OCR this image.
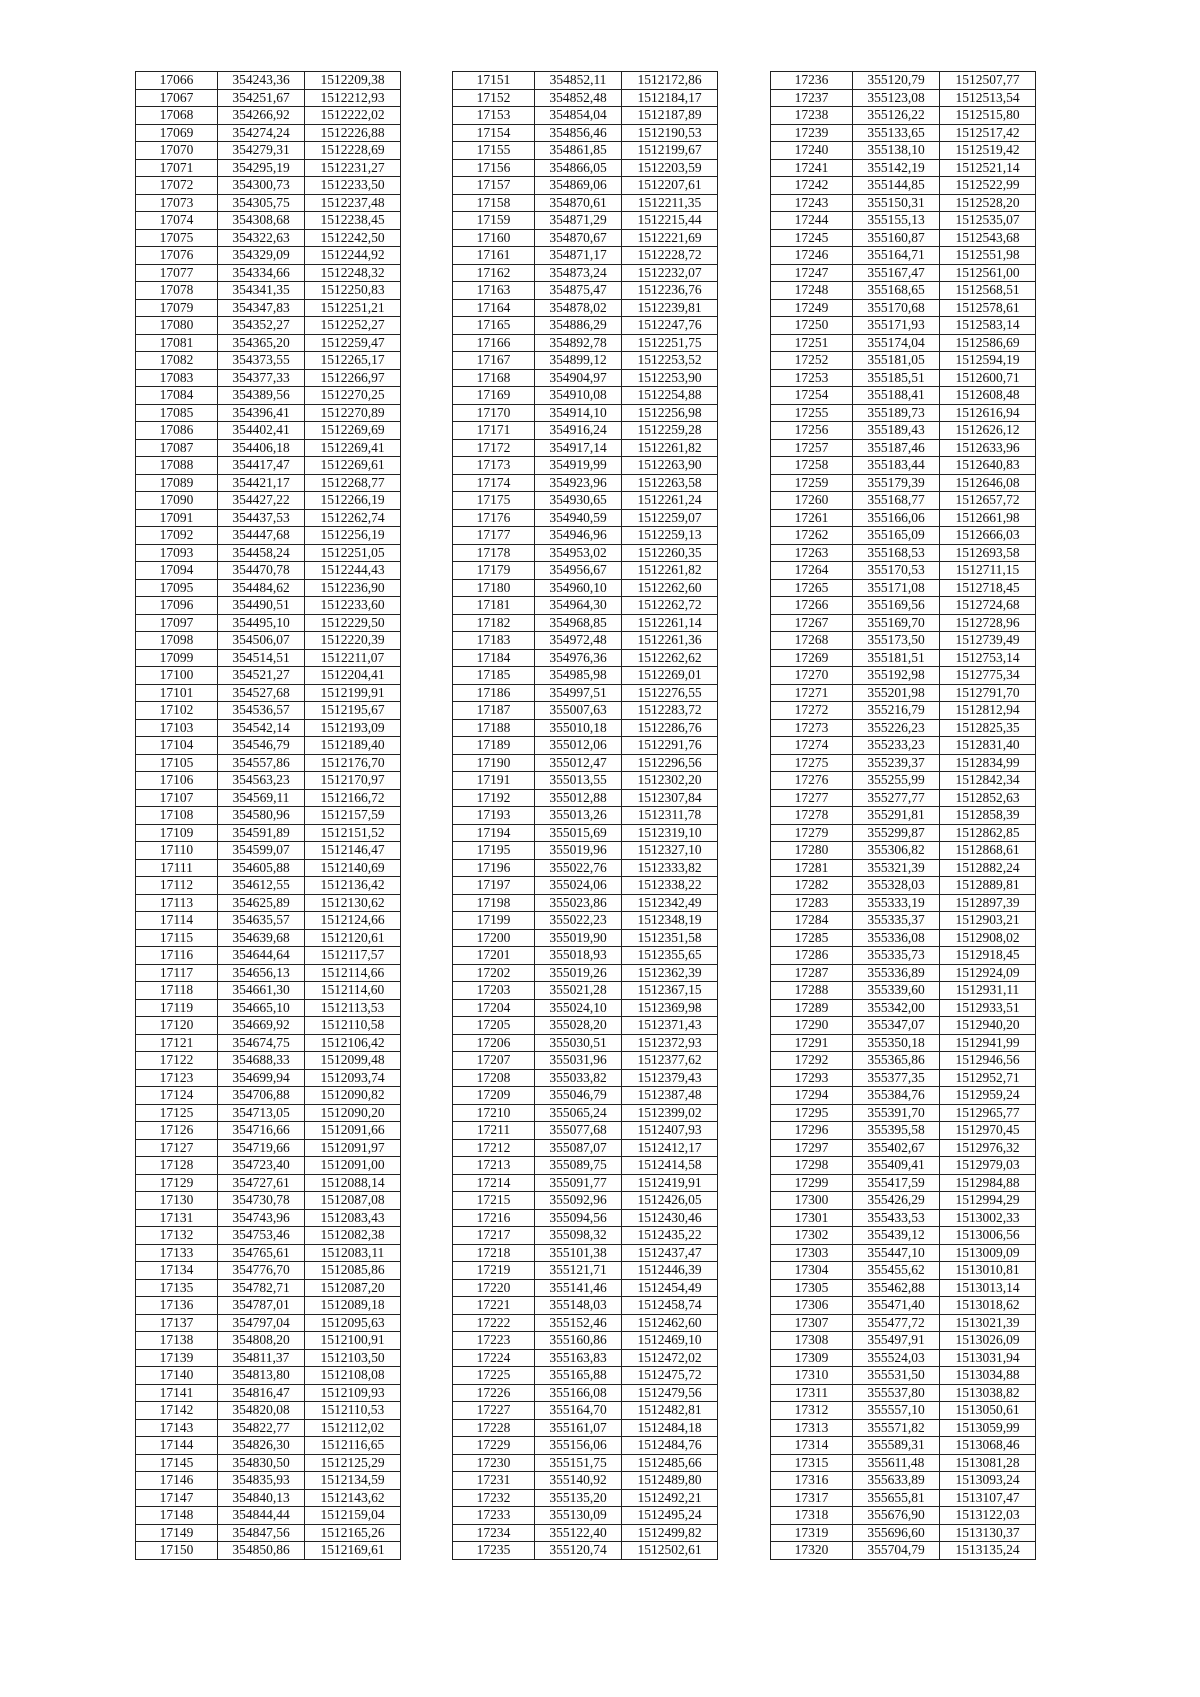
17066	354243,36	1512209,38
17067	354251,67	1512212,93
17068	354266,92	1512222,02
17069	354274,24	1512226,88
17070	354279,31	1512228,69
17071	354295,19	1512231,27
17072	354300,73	1512233,50
17073	354305,75	1512237,48
17074	354308,68	1512238,45
17075	354322,63	1512242,50
17076	354329,09	1512244,92
17077	354334,66	1512248,32
17078	354341,35	1512250,83
17079	354347,83	1512251,21
17080	354352,27	1512252,27
17081	354365,20	1512259,47
17082	354373,55	1512265,17
17083	354377,33	1512266,97
17084	354389,56	1512270,25
17085	354396,41	1512270,89
17086	354402,41	1512269,69
17087	354406,18	1512269,41
17088	354417,47	1512269,61
17089	354421,17	1512268,77
17090	354427,22	1512266,19
17091	354437,53	1512262,74
17092	354447,68	1512256,19
17093	354458,24	1512251,05
17094	354470,78	1512244,43
17095	354484,62	1512236,90
17096	354490,51	1512233,60
17097	354495,10	1512229,50
17098	354506,07	1512220,39
17099	354514,51	1512211,07
17100	354521,27	1512204,41
17101	354527,68	1512199,91
17102	354536,57	1512195,67
17103	354542,14	1512193,09
17104	354546,79	1512189,40
17105	354557,86	1512176,70
17106	354563,23	1512170,97
17107	354569,11	1512166,72
17108	354580,96	1512157,59
17109	354591,89	1512151,52
17110	354599,07	1512146,47
17111	354605,88	1512140,69
17112	354612,55	1512136,42
17113	354625,89	1512130,62
17114	354635,57	1512124,66
17115	354639,68	1512120,61
17116	354644,64	1512117,57
17117	354656,13	1512114,66
17118	354661,30	1512114,60
17119	354665,10	1512113,53
17120	354669,92	1512110,58
17121	354674,75	1512106,42
17122	354688,33	1512099,48
17123	354699,94	1512093,74
17124	354706,88	1512090,82
17125	354713,05	1512090,20
17126	354716,66	1512091,66
17127	354719,66	1512091,97
17128	354723,40	1512091,00
17129	354727,61	1512088,14
17130	354730,78	1512087,08
17131	354743,96	1512083,43
17132	354753,46	1512082,38
17133	354765,61	1512083,11
17134	354776,70	1512085,86
17135	354782,71	1512087,20
17136	354787,01	1512089,18
17137	354797,04	1512095,63
17138	354808,20	1512100,91
17139	354811,37	1512103,50
17140	354813,80	1512108,08
17141	354816,47	1512109,93
17142	354820,08	1512110,53
17143	354822,77	1512112,02
17144	354826,30	1512116,65
17145	354830,50	1512125,29
17146	354835,93	1512134,59
17147	354840,13	1512143,62
17148	354844,44	1512159,04
17149	354847,56	1512165,26
17150	354850,86	1512169,61
17151	354852,11	1512172,86
17152	354852,48	1512184,17
17153	354854,04	1512187,89
17154	354856,46	1512190,53
17155	354861,85	1512199,67
17156	354866,05	1512203,59
17157	354869,06	1512207,61
17158	354870,61	1512211,35
17159	354871,29	1512215,44
17160	354870,67	1512221,69
17161	354871,17	1512228,72
17162	354873,24	1512232,07
17163	354875,47	1512236,76
17164	354878,02	1512239,81
17165	354886,29	1512247,76
17166	354892,78	1512251,75
17167	354899,12	1512253,52
17168	354904,97	1512253,90
17169	354910,08	1512254,88
17170	354914,10	1512256,98
17171	354916,24	1512259,28
17172	354917,14	1512261,82
17173	354919,99	1512263,90
17174	354923,96	1512263,58
17175	354930,65	1512261,24
17176	354940,59	1512259,07
17177	354946,96	1512259,13
17178	354953,02	1512260,35
17179	354956,67	1512261,82
17180	354960,10	1512262,60
17181	354964,30	1512262,72
17182	354968,85	1512261,14
17183	354972,48	1512261,36
17184	354976,36	1512262,62
17185	354985,98	1512269,01
17186	354997,51	1512276,55
17187	355007,63	1512283,72
17188	355010,18	1512286,76
17189	355012,06	1512291,76
17190	355012,47	1512296,56
17191	355013,55	1512302,20
17192	355012,88	1512307,84
17193	355013,26	1512311,78
17194	355015,69	1512319,10
17195	355019,96	1512327,10
17196	355022,76	1512333,82
17197	355024,06	1512338,22
17198	355023,86	1512342,49
17199	355022,23	1512348,19
17200	355019,90	1512351,58
17201	355018,93	1512355,65
17202	355019,26	1512362,39
17203	355021,28	1512367,15
17204	355024,10	1512369,98
17205	355028,20	1512371,43
17206	355030,51	1512372,93
17207	355031,96	1512377,62
17208	355033,82	1512379,43
17209	355046,79	1512387,48
17210	355065,24	1512399,02
17211	355077,68	1512407,93
17212	355087,07	1512412,17
17213	355089,75	1512414,58
17214	355091,77	1512419,91
17215	355092,96	1512426,05
17216	355094,56	1512430,46
17217	355098,32	1512435,22
17218	355101,38	1512437,47
17219	355121,71	1512446,39
17220	355141,46	1512454,49
17221	355148,03	1512458,74
17222	355152,46	1512462,60
17223	355160,86	1512469,10
17224	355163,83	1512472,02
17225	355165,88	1512475,72
17226	355166,08	1512479,56
17227	355164,70	1512482,81
17228	355161,07	1512484,18
17229	355156,06	1512484,76
17230	355151,75	1512485,66
17231	355140,92	1512489,80
17232	355135,20	1512492,21
17233	355130,09	1512495,24
17234	355122,40	1512499,82
17235	355120,74	1512502,61
17236	355120,79	1512507,77
17237	355123,08	1512513,54
17238	355126,22	1512515,80
17239	355133,65	1512517,42
17240	355138,10	1512519,42
17241	355142,19	1512521,14
17242	355144,85	1512522,99
17243	355150,31	1512528,20
17244	355155,13	1512535,07
17245	355160,87	1512543,68
17246	355164,71	1512551,98
17247	355167,47	1512561,00
17248	355168,65	1512568,51
17249	355170,68	1512578,61
17250	355171,93	1512583,14
17251	355174,04	1512586,69
17252	355181,05	1512594,19
17253	355185,51	1512600,71
17254	355188,41	1512608,48
17255	355189,73	1512616,94
17256	355189,43	1512626,12
17257	355187,46	1512633,96
17258	355183,44	1512640,83
17259	355179,39	1512646,08
17260	355168,77	1512657,72
17261	355166,06	1512661,98
17262	355165,09	1512666,03
17263	355168,53	1512693,58
17264	355170,53	1512711,15
17265	355171,08	1512718,45
17266	355169,56	1512724,68
17267	355169,70	1512728,96
17268	355173,50	1512739,49
17269	355181,51	1512753,14
17270	355192,98	1512775,34
17271	355201,98	1512791,70
17272	355216,79	1512812,94
17273	355226,23	1512825,35
17274	355233,23	1512831,40
17275	355239,37	1512834,99
17276	355255,99	1512842,34
17277	355277,77	1512852,63
17278	355291,81	1512858,39
17279	355299,87	1512862,85
17280	355306,82	1512868,61
17281	355321,39	1512882,24
17282	355328,03	1512889,81
17283	355333,19	1512897,39
17284	355335,37	1512903,21
17285	355336,08	1512908,02
17286	355335,73	1512918,45
17287	355336,89	1512924,09
17288	355339,60	1512931,11
17289	355342,00	1512933,51
17290	355347,07	1512940,20
17291	355350,18	1512941,99
17292	355365,86	1512946,56
17293	355377,35	1512952,71
17294	355384,76	1512959,24
17295	355391,70	1512965,77
17296	355395,58	1512970,45
17297	355402,67	1512976,32
17298	355409,41	1512979,03
17299	355417,59	1512984,88
17300	355426,29	1512994,29
17301	355433,53	1513002,33
17302	355439,12	1513006,56
17303	355447,10	1513009,09
17304	355455,62	1513010,81
17305	355462,88	1513013,14
17306	355471,40	1513018,62
17307	355477,72	1513021,39
17308	355497,91	1513026,09
17309	355524,03	1513031,94
17310	355531,50	1513034,88
17311	355537,80	1513038,82
17312	355557,10	1513050,61
17313	355571,82	1513059,99
17314	355589,31	1513068,46
17315	355611,48	1513081,28
17316	355633,89	1513093,24
17317	355655,81	1513107,47
17318	355676,90	1513122,03
17319	355696,60	1513130,37
17320	355704,79	1513135,24
